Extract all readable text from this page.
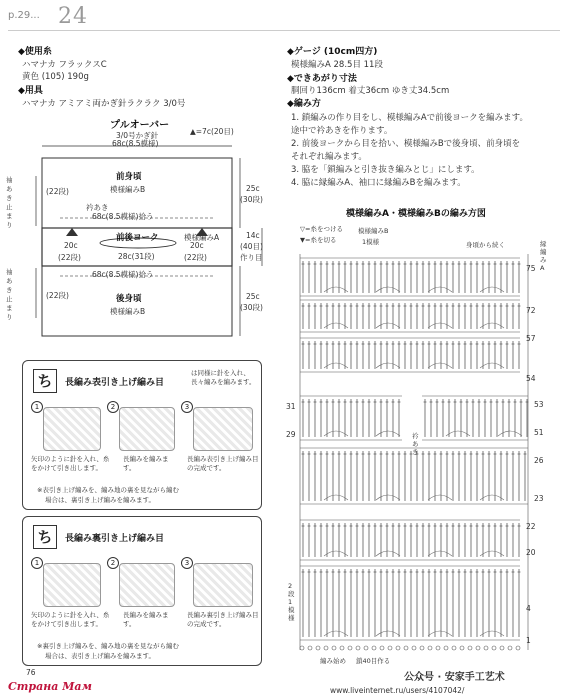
p.29... 24
◆使用糸
ハマナカ フラックスC
黄色 (105) 190g
◆用具
ハマナカ アミアミ両かぎ針ラクラク 3/0号
◆ゲージ (10cm四方)
模様編みA 28.5目 11段
◆できあがり寸法
胴回り136cm 着丈36cm ゆき丈34.5cm
◆編み方
1. 鎖編みの作り目をし、模様編みAで前後ヨークを編みます。
途中で衿あきを作ります。
2. 前後ヨークから目を拾い、模様編みBで後身頃、前身頃を
それぞれ編みます。
3. 脇を「鎖編みと引き抜き編みとじ」にします。
4. 脇に縁編みA、袖口に縁編みBを編みます。
プルオーバー
3/0号かぎ針	▲=7c(20目)
68c(8.5模様)
前身頃
模様編みB
(22段)
袖あき止まり
衿あき
68c(8.5模様)拾う
前後ヨーク	模様編みA
28c(31段)
20c
(22段)
20c
(22段)
14c
(40目)
作り目
68c(8.5模様)拾う
後身頃
模様編みB
(22段)
25c
(30段)
25c
(30段)
袖あき止まり
ち	長編み表引き上げ編み目
は同様に針を入れ、長々編みを編みます。
1	2	3
矢印のように針を入れ、糸をかけて引き出します。
長編みを編みます。
長編み表引き上げ編み目の完成です。
※表引き上げ編みを、編み地の裏を見ながら編む
場合は、裏引き上げ編みを編みます。
ち	長編み裏引き上げ編み目
1	2	3
矢印のように針を入れ、糸をかけて引き出します。
長編みを編みます。
長編み裏引き上げ編み目の完成です。
※裏引き上げ編みを、編み地の裏を見ながら編む
場合は、表引き上げ編みを編みます。
模様編みA・模様編みBの編み方図
▽=糸をつける
▼=糸を切る
模様編みB
1模様	身頃から続く	縁編みA
衿あき
2段1模様
編み始め 鎖40目作る
75
72
57
54
53
51
31
29
26
23
22
20
4
1
76
Страна Мам
公众号 · 安家手工艺术
www.liveinternet.ru/users/4107042/
